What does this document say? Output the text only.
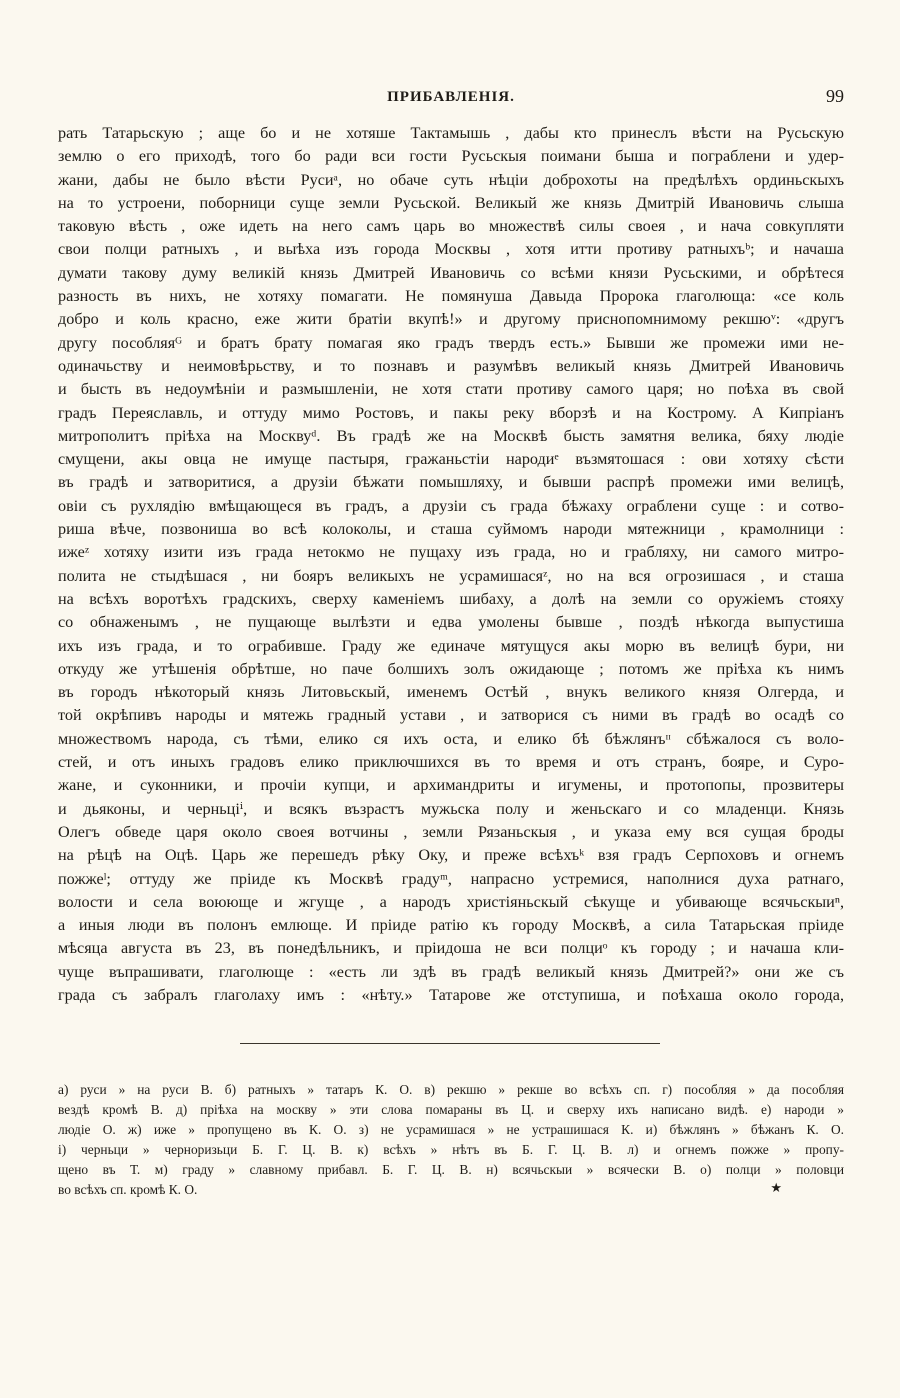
ПРИБАВЛЕНІЯ.	99
рать Татарьскую ; аще бо и не хотяше Тактамышь , дабы кто принеслъ вѣсти на Русьскую
землю о его приходѣ, того бо ради вси гости Русьскыя поимани быша и пограблени и удер-
жани, дабы не было вѣсти Русиᵃ, но обаче суть нѣцiи доброхоты на предѣлѣхъ ординьскыхъ
на то устроени, поборници суще земли Русьской. Великый же князь Дмитрій Ивановичь слыша
таковую вѣсть , оже идеть на него самъ царь во множествѣ силы своея , и нача совкупляти
свои полци ратныхъ , и выѣха изъ города Москвы , хотя итти противу ратныхъᵇ; и начаша
думати такову думу великій князь Дмитрей Ивановичь со всѣми князи Русьскими, и обрѣтеся
разность въ нихъ, не хотяху помагати. Не помянуша Давыда Пророка глаголюща: «се коль
добро и коль красно, еже жити братіи вкупѣ!» и другому приснопомнимому рекшюᵛ: «другъ
другу пособляяᴳ и братъ брату помагая яко градъ твердъ есть.» Бывши же промежи ими не-
одиначьству и неимовѣрьству, и то познавъ и разумѣвъ великый князь Дмитрей Ивановичь
и бысть въ недоумѣніи и размышленіи, не хотя стати противу самого царя; но поѣха въ свой
градъ Переяславль, и оттуду мимо Ростовъ, и пакы реку вборзѣ и на Кострому. А Кипріанъ
митрополитъ пріѣха на Москвуᵈ. Въ градѣ же на Москвѣ бысть замятня велика, бяху людіе
смущени, акы овца не имуще пастыря, гражаньстіи народиᵉ възмятошася : ови хотяху сѣсти
въ градѣ и затворитися, а друзіи бѣжати помышляху, и бывши распрѣ промежи ими велицѣ,
овіи съ рухлядію вмѣщающеся въ градъ, а друзіи съ града бѣжаху ограблени суще : и сотво-
риша вѣче, позвониша во всѣ колоколы, и сташа суймомъ народи мятежници , крамолници :
ижеᶻ хотяху изити изъ града нетокмо не пущаху изъ града, но и грабляху, ни самого митро-
полита не стыдѣшася , ни бояръ великыхъ не усрамишасяᶻ, но на вся огрозишася , и сташа
на всѣхъ воротѣхъ градскихъ, сверху каменіемъ шибаху, а долѣ на земли со оружіемъ стояху
со обнаженымъ , не пущающе вылѣзти и едва умолены бывше , поздѣ нѣкогда выпустиша
ихъ изъ града, и то ограбивше. Граду же единаче мятущуся акы морю въ велицѣ бури, ни
откуду же утѣшенія обрѣтше, но паче болшихъ золъ ожидающе ; потомъ же пріѣха къ нимъ
въ городъ нѣкоторый князь Литовьскый, именемъ Остѣй , внукъ великого князя Олгерда, и
той окрѣпивъ народы и мятежь градный устави , и затворися съ ними въ градѣ во осадѣ со
множествомъ народа, съ тѣми, елико ся ихъ оста, и елико бѣ бѣжлянъᶦᶦ сбѣжалося съ воло-
стей, и отъ иныхъ градовъ елико приключшихся въ то время и отъ странъ, бояре, и Суро-
жане, и суконники, и прочіи купци, и архимандриты и игумены, и протопопы, прозвитеры
и дьяконы, и черньціⁱ, и всякъ възрастъ мужьска полу и женьскаго и со младенци. Князь
Олегъ обведе царя около своея вотчины , земли Рязаньскыя , и указа ему вся сущая броды
на рѣцѣ на Оцѣ. Царь же перешедъ рѣку Оку, и преже всѣхъᵏ взя градъ Серпоховъ и огнемъ
пожжеˡ; оттуду же пріиде къ Москвѣ градуᵐ, напрасно устремися, наполнися духа ратнаго,
волости и села воююще и жгуще , а народъ христіяньскый сѣкуще и убивающе всячьскыиⁿ,
а иныя люди въ полонъ емлюще. И пріиде ратію къ городу Москвѣ, а сила Татарьская пріиде
мѣсяца августа въ 23, въ понедѣльникъ, и пріидоша не вси полциᵒ къ городу ; и начаша кли-
чуще въпрашивати, глаголюще : «есть ли здѣ въ градѣ великый князь Дмитрей?» они же съ
града съ забралъ глаголаху имъ : «нѣту.» Татарове же отступиша, и поѣхаша около города,
а) руси » на руси В. б) ратныхъ » татаръ К. О. в) рекшю » рекше во всѣхъ сп. г) пособляя » да пособляя
вездѣ кромѣ В. д) пріѣха на москву » эти слова помараны въ Ц. и сверху ихъ написано видѣ. е) народи »
людіе О. ж) иже » пропущено въ К. О. з) не усрамишася » не устрашишася К. и) бѣжлянъ » бѣжанъ К. О.
і) черньци » черноризьци Б. Г. Ц. В. к) всѣхъ » нѣтъ въ Б. Г. Ц. В. л) и огнемъ пожже » пропу-
щено въ Т. м) граду » славному прибавл. Б. Г. Ц. В. н) всячьскыи » всячески В. о) полци » половци
во всѣхъ сп. кромѣ К. О.	★
